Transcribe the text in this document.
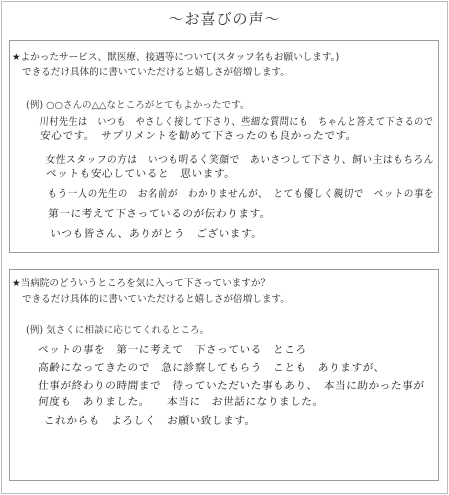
〜お喜びの声〜
★よかったサービス、獣医療、接遇等について(スタッフ名もお願いします。)
できるだけ具体的に書いていただけると嬉しさが倍増します。
(例) ○○さんの△△なところがとてもよかったです。
川村先生は　いつも　やさしく接して下さり、些細な質問にも　ちゃんと答えて下さるので
安心です。　サプリメントを勧めて下さったのも良かったです。
女性スタッフの方は　いつも明るく笑顔で　あいさつして下さり、飼い主はもちろん
ペットも安心していると　思います。
もう一人の先生の　お名前が　わかりませんが、　とても優しく親切で　ペットの事を
第一に考えて下さっているのが伝わります。
いつも皆さん、ありがとう　ございます。
★当病院のどういうところを気に入って下さっていますか？
できるだけ具体的に書いていただけると嬉しさが倍増します。
(例) 気さくに相談に応じてくれるところ。
ペットの事を　第一に考えて　下さっている　ところ
高齢になってきたので　急に診察してもらう　ことも　ありますが、
仕事が終わりの時間まで　待っていただいた事もあり、　本当に助かった事が
何度も　ありました。　　本当に　お世話になりました。
これからも　よろしく　お願い致します。
